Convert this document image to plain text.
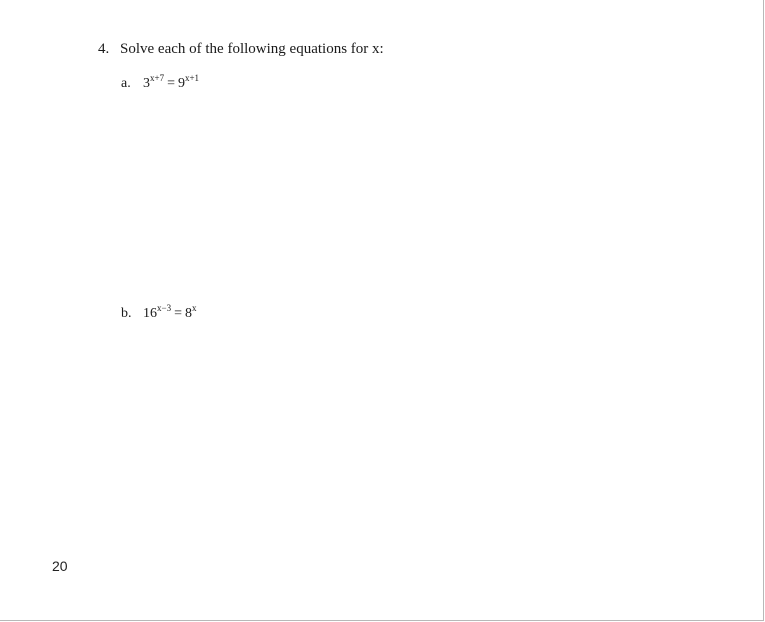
4. Solve each of the following equations for x:
a. $3^{x+7} = 9^{x+1}$
b. $16^{x-3} = 8^x$
20
